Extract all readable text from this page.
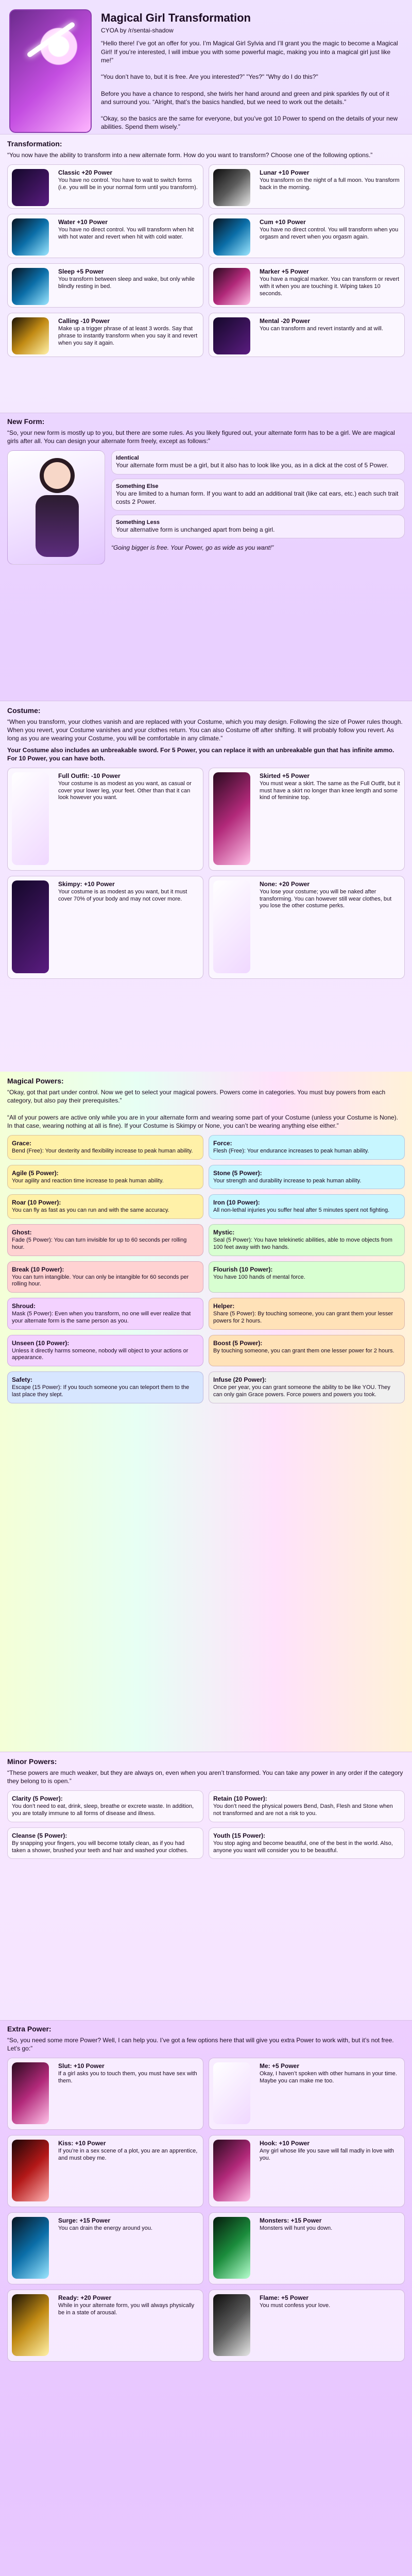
Magical Girl Transformation
CYOA by /r/sentai-shadow
“Hello there! I’ve got an offer for you. I’m Magical Girl Sylvia and I’ll grant you the magic to become a Magical Girl! If you’re interested, I will imbue you with some powerful magic, making you into a magical girl just like me!”

“You don’t have to, but it is free. Are you interested?” "Yes?" "Why do I do this?"

Before you have a chance to respond, she twirls her hand around and green and pink sparkles fly out of it and surround you. “Alright, that’s the basics handled, but we need to work out the details.”

“Okay, so the basics are the same for everyone, but you’ve got 10 Power to spend on the details of your new abilities. Spend them wisely.”
Transformation:
“You now have the ability to transform into a new alternate form. How do you want to transform? Choose one of the following options.”
Classic +20 Power
You have no control. You have to wait to switch forms (i.e. you will be in your normal form until you transform).
Lunar +10 Power
You transform on the night of a full moon. You transform back in the morning.
Water +10 Power
You have no direct control. You will transform when hit with hot water and revert when hit with cold water.
Cum +10 Power
You have no direct control. You will transform when you orgasm and revert when you orgasm again.
Sleep +5 Power
You transform between sleep and wake, but only while blindly resting in bed.
Marker +5 Power
You have a magical marker. You can transform or revert with it when you are touching it. Wiping takes 10 seconds.
Calling -10 Power
Make up a trigger phrase of at least 3 words. Say that phrase to instantly transform when you say it and revert when you say it again.
Mental -20 Power
You can transform and revert instantly and at will.
New Form:
“So, your new form is mostly up to you, but there are some rules. As you likely figured out, your alternate form has to be a girl. We are magical girls after all. You can design your alternate form freely, except as follows:”
Identical
Your alternate form must be a girl, but it also has to look like you, as in a dick at the cost of 5 Power.
Something Else
You are limited to a human form. If you want to add an additional trait (like cat ears, etc.) each such trait costs 2 Power.
Something Less
Your alternative form is unchanged apart from being a girl.
“Going bigger is free. Your Power, go as wide as you want!”
Costume:
“When you transform, your clothes vanish and are replaced with your Costume, which you may design. Following the size of Power rules though. When you revert, your Costume vanishes and your clothes return. You can also Costume off after shifting. It will probably follow you revert. As long as you are wearing your Costume, you will be comfortable in any climate.”
Your Costume also includes an unbreakable sword. For 5 Power, you can replace it with an unbreakable gun that has infinite ammo. For 10 Power, you can have both.
Full Outfit: -10 Power
Your costume is as modest as you want, as casual or cover your lower leg, your feet. Other than that it can look however you want.
Skirted +5 Power
You must wear a skirt. The same as the Full Outfit, but it must have a skirt no longer than knee length and some kind of feminine top.
Skimpy: +10 Power
Your costume is as modest as you want, but it must cover 70% of your body and may not cover more.
None: +20 Power
You lose your costume; you will be naked after transforming. You can however still wear clothes, but you lose the other costume perks.
Magical Powers:
“Okay, got that part under control. Now we get to select your magical powers. Powers come in categories. You must buy powers from each category, but also pay their prerequisites.”

“All of your powers are active only while you are in your alternate form and wearing some part of your Costume (unless your Costume is None). In that case, wearing nothing at all is fine). If your Costume is Skimpy or None, you can’t be wearing anything else either.”
Grace:
Bend (Free): Your dexterity and flexibility increase to peak human ability.
Force:
Flesh (Free): Your endurance increases to peak human ability.
Agile (5 Power):
Your agility and reaction time increase to peak human ability.
Stone (5 Power):
Your strength and durability increase to peak human ability.
Roar (10 Power):
You can fly as fast as you can run and with the same accuracy.
Iron (10 Power):
All non-lethal injuries you suffer heal after 5 minutes spent not fighting.
Ghost:
Fade (5 Power): You can turn invisible for up to 60 seconds per rolling hour.
Mystic:
Seal (5 Power): You have telekinetic abilities, able to move objects from 100 feet away with two hands.
Break (10 Power):
You can turn intangible. Your can only be intangible for 60 seconds per rolling hour.
Flourish (10 Power):
You have 100 hands of mental force.
Shroud:
Mask (5 Power): Even when you transform, no one will ever realize that your alternate form is the same person as you.
Helper:
Share (5 Power): By touching someone, you can grant them your lesser powers for 2 hours.
Unseen (10 Power):
Unless it directly harms someone, nobody will object to your actions or appearance.
Boost (5 Power):
By touching someone, you can grant them one lesser power for 2 hours.
Safety:
Escape (15 Power): If you touch someone you can teleport them to the last place they slept.
Infuse (20 Power):
Once per year, you can grant someone the ability to be like YOU. They can only gain Grace powers. Force powers and powers you took.
Minor Powers:
“These powers are much weaker, but they are always on, even when you aren’t transformed. You can take any power in any order if the category they belong to is open.”
Clarity (5 Power):
You don’t need to eat, drink, sleep, breathe or excrete waste. In addition, you are totally immune to all forms of disease and illness.
Retain (10 Power):
You don’t need the physical powers Bend, Dash, Flesh and Stone when not transformed and are not a risk to you.
Cleanse (5 Power):
By snapping your fingers, you will become totally clean, as if you had taken a shower, brushed your teeth and hair and washed your clothes.
Youth (15 Power):
You stop aging and become beautiful, one of the best in the world. Also, anyone you want will consider you to be beautiful.
Extra Power:
“So, you need some more Power? Well, I can help you. I’ve got a few options here that will give you extra Power to work with, but it’s not free. Let’s go:”
Slut: +10 Power
If a girl asks you to touch them, you must have sex with them.
Me: +5 Power
Okay, I haven’t spoken with other humans in your time. Maybe you can make me too.
Kiss: +10 Power
If you’re in a sex scene of a plot, you are an apprentice, and must obey me.
Hook: +10 Power
Any girl whose life you save will fall madly in love with you.
Surge: +15 Power
You can drain the energy around you.
Monsters: +15 Power
Monsters will hunt you down.
Ready: +20 Power
While in your alternate form, you will always physically be in a state of arousal.
Flame: +5 Power
You must confess your love.
